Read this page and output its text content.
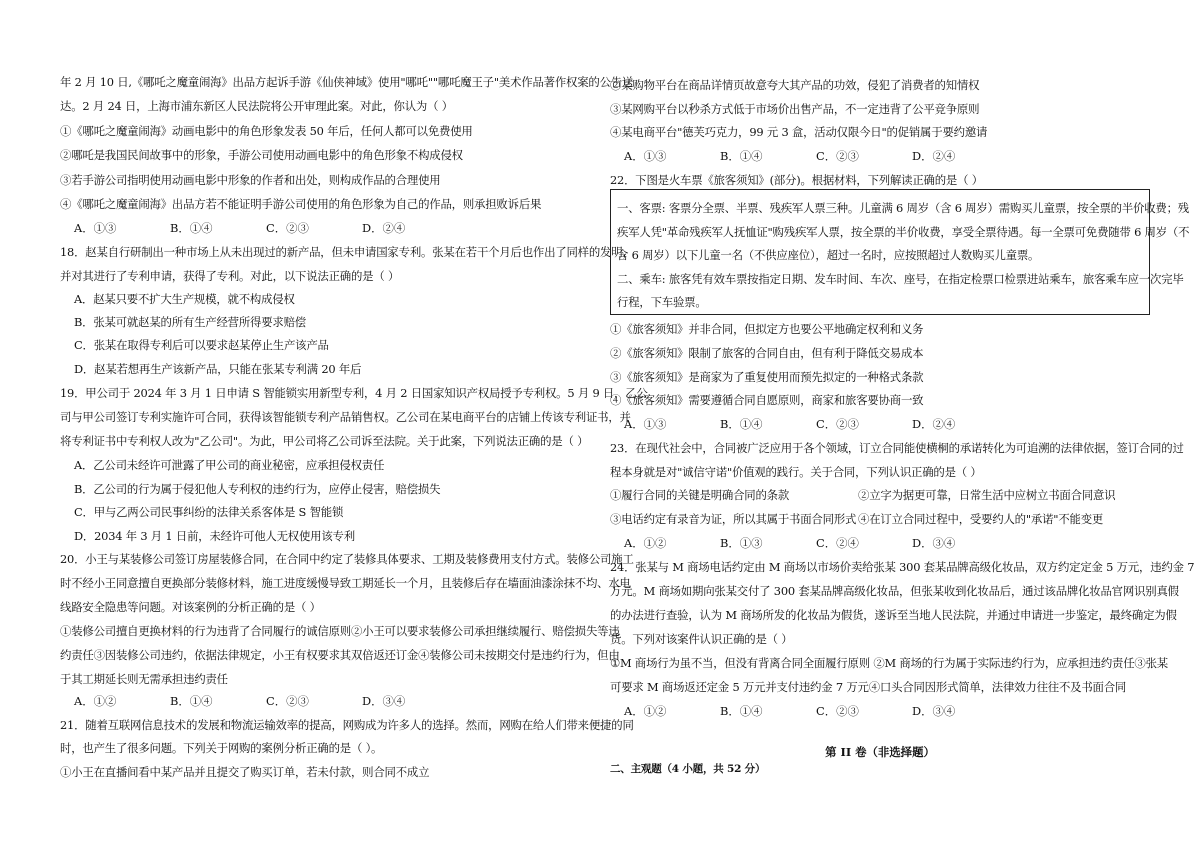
年 2 月 10 日,《哪吒之魔童闹海》出品方起诉手游《仙侠神域》使用"哪吒""哪吒魔王子"美术作品著作权案的公告送
达。2 月 24 日，上海市浦东新区人民法院将公开审理此案。对此，你认为（ ）
①《哪吒之魔童闹海》动画电影中的角色形象发表 50 年后，任何人都可以免费使用
②哪吒是我国民间故事中的形象，手游公司使用动画电影中的角色形象不构成侵权
③若手游公司指明使用动画电影中形象的作者和出处，则构成作品的合理使用
④《哪吒之魔童闹海》出品方若不能证明手游公司使用的角色形象为自己的作品，则承担败诉后果
A．①③	B．①④	C．②③	D．②④
18．赵某自行研制出一种市场上从未出现过的新产品，但未申请国家专利。张某在若干个月后也作出了同样的发明，
并对其进行了专利申请，获得了专利。对此，以下说法正确的是（ ）
A．赵某只要不扩大生产规模，就不构成侵权
B．张某可就赵某的所有生产经营所得要求赔偿
C．张某在取得专利后可以要求赵某停止生产该产品
D．赵某若想再生产该新产品，只能在张某专利满 20 年后
19．甲公司于 2024 年 3 月 1 日申请 S 智能锁实用新型专利，4 月 2 日国家知识产权局授予专利权。5 月 9 日，乙公
司与甲公司签订专利实施许可合同，获得该智能锁专利产品销售权。乙公司在某电商平台的店铺上传该专利证书，并
将专利证书中专利权人改为"乙公司"。为此，甲公司将乙公司诉至法院。关于此案，下列说法正确的是（ ）
A．乙公司未经许可泄露了甲公司的商业秘密，应承担侵权责任
B．乙公司的行为属于侵犯他人专利权的违约行为，应停止侵害，赔偿损失
C．甲与乙两公司民事纠纷的法律关系客体是 S 智能锁
D．2034 年 3 月 1 日前，未经许可他人无权使用该专利
20．小王与某装修公司签订房屋装修合同，在合同中约定了装修具体要求、工期及装修费用支付方式。装修公司施工
时不经小王同意擅自更换部分装修材料，施工进度缓慢导致工期延长一个月，且装修后存在墙面油漆涂抹不均、水电
线路安全隐患等问题。对该案例的分析正确的是（ ）
①装修公司擅自更换材料的行为违背了合同履行的诚信原则②小王可以要求装修公司承担继续履行、赔偿损失等违
约责任③因装修公司违约，依据法律规定，小王有权要求其双倍返还订金④装修公司未按期交付是违约行为，但由
于其工期延长则无需承担违约责任
A．①②	B．①④	C．②③	D．③④
21．随着互联网信息技术的发展和物流运输效率的提高，网购成为许多人的选择。然而，网购在给人们带来便捷的同
时，也产生了很多问题。下列关于网购的案例分析正确的是（ ）。
①小王在直播间看中某产品并且提交了购买订单，若未付款，则合同不成立
②某购物平台在商品详情页故意夸大其产品的功效，侵犯了消费者的知情权
③某网购平台以秒杀方式低于市场价出售产品，不一定违背了公平竞争原则
④某电商平台"德芙巧克力，99 元 3 盒，活动仅限今日"的促销属于要约邀请
A．①③	B．①④	C．②③	D．②④
22．下图是火车票《旅客须知》(部分)。根据材料，下列解读正确的是（ ）
一、客票: 客票分全票、半票、残疾军人票三种。儿童满 6 周岁（含 6 周岁）需购买儿童票，按全票的半价收费；残
疾军人凭"革命残疾军人抚恤证"购残疾军人票，按全票的半价收费，享受全票待遇。每一全票可免费随带 6 周岁（不
含 6 周岁）以下儿童一名（不供应座位），超过一名时，应按照超过人数购买儿童票。
二、乘车: 旅客凭有效车票按指定日期、发车时间、车次、座号，在指定检票口检票进站乘车，旅客乘车应一次完毕
行程，下车验票。
①《旅客须知》并非合同，但拟定方也要公平地确定权利和义务
②《旅客须知》限制了旅客的合同自由，但有利于降低交易成本
③《旅客须知》是商家为了重复使用而预先拟定的一种格式条款
④《旅客须知》需要遵循合同自愿原则，商家和旅客要协商一致
A．①③	B．①④	C．②③	D．②④
23．在现代社会中，合同被广泛应用于各个领域，订立合同能使横桐的承诺转化为可追溯的法律依据，签订合同的过
程本身就是对"诚信守诺"价值观的践行。关于合同，下列认识正确的是（ ）
①履行合同的关键是明确合同的条款	②立字为据更可靠，日常生活中应树立书面合同意识
③电话约定有录音为证，所以其属于书面合同形式 ④在订立合同过程中，受要约人的"承诺"不能变更
A．①②	B．①③	C．②④	D．③④
24．张某与 M 商场电话约定由 M 商场以市场价卖给张某 300 套某品牌高级化妆品，双方约定定金 5 万元，违约金 7
万元。M 商场如期向张某交付了 300 套某品牌高级化妆品，但张某收到化妆品后，通过该品牌化妆品官网识别真假
的办法进行查验，认为 M 商场所发的化妆品为假货，遂诉至当地人民法院，并通过申请进一步鉴定，最终确定为假
货。下列对该案件认识正确的是（ ）
①M 商场行为虽不当，但没有背离合同全面履行原则 ②M 商场的行为属于实际违约行为，应承担违约责任③张某
可要求 M 商场返还定金 5 万元并支付违约金 7 万元④口头合同因形式简单，法律效力往往不及书面合同
A．①②	B．①④	C．②③	D．③④
第 II 卷（非选择题）
二、主观题（4 小题，共 52 分）
